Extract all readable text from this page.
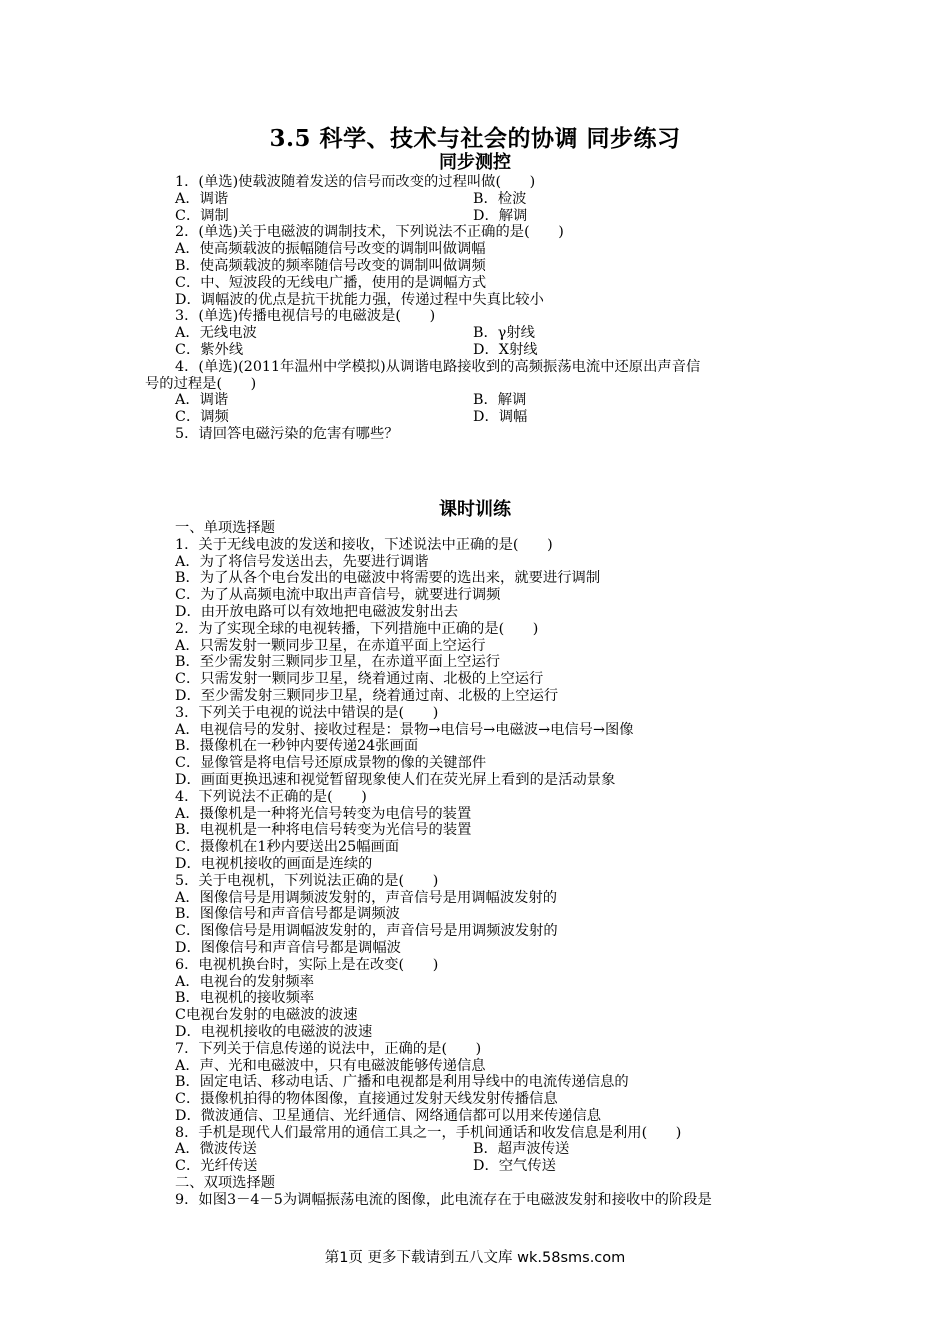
3.5 科学、技术与社会的协调 同步练习
同步测控
1．(单选)使载波随着发送的信号而改变的过程叫做(　　)
A．调谐	B．检波
C．调制	D．解调
2．(单选)关于电磁波的调制技术，下列说法不正确的是(　　)
A．使高频载波的振幅随信号改变的调制叫做调幅
B．使高频载波的频率随信号改变的调制叫做调频
C．中、短波段的无线电广播，使用的是调幅方式
D．调幅波的优点是抗干扰能力强，传递过程中失真比较小
3．(单选)传播电视信号的电磁波是(　　)
A．无线电波	B．γ射线
C．紫外线	D．X射线
4．(单选)(2011年温州中学模拟)从调谐电路接收到的高频振荡电流中还原出声音信
号的过程是(　　)
A．调谐	B．解调
C．调频	D．调幅
5．请回答电磁污染的危害有哪些？
课时训练
一、单项选择题
1．关于无线电波的发送和接收，下述说法中正确的是(　　)
A．为了将信号发送出去，先要进行调谐
B．为了从各个电台发出的电磁波中将需要的选出来，就要进行调制
C．为了从高频电流中取出声音信号，就要进行调频
D．由开放电路可以有效地把电磁波发射出去
2．为了实现全球的电视转播，下列措施中正确的是(　　)
A．只需发射一颗同步卫星，在赤道平面上空运行
B．至少需发射三颗同步卫星，在赤道平面上空运行
C．只需发射一颗同步卫星，绕着通过南、北极的上空运行
D．至少需发射三颗同步卫星，绕着通过南、北极的上空运行
3．下列关于电视的说法中错误的是(　　)
A．电视信号的发射、接收过程是：景物→电信号→电磁波→电信号→图像
B．摄像机在一秒钟内要传递24张画面
C．显像管是将电信号还原成景物的像的关键部件
D．画面更换迅速和视觉暂留现象使人们在荧光屏上看到的是活动景象
4．下列说法不正确的是(　　)
A．摄像机是一种将光信号转变为电信号的装置
B．电视机是一种将电信号转变为光信号的装置
C．摄像机在1秒内要送出25幅画面
D．电视机接收的画面是连续的
5．关于电视机，下列说法正确的是(　　)
A．图像信号是用调频波发射的，声音信号是用调幅波发射的
B．图像信号和声音信号都是调频波
C．图像信号是用调幅波发射的，声音信号是用调频波发射的
D．图像信号和声音信号都是调幅波
6．电视机换台时，实际上是在改变(　　)
A．电视台的发射频率
B．电视机的接收频率
C电视台发射的电磁波的波速
D．电视机接收的电磁波的波速
7．下列关于信息传递的说法中，正确的是(　　)
A．声、光和电磁波中，只有电磁波能够传递信息
B．固定电话、移动电话、广播和电视都是利用导线中的电流传递信息的
C．摄像机拍得的物体图像，直接通过发射天线发射传播信息
D．微波通信、卫星通信、光纤通信、网络通信都可以用来传递信息
8．手机是现代人们最常用的通信工具之一，手机间通话和收发信息是利用(　　)
A．微波传送	B．超声波传送
C．光纤传送	D．空气传送
二、双项选择题
9．如图3－4－5为调幅振荡电流的图像，此电流存在于电磁波发射和接收中的阶段是
第1页 更多下载请到五八文库 wk.58sms.com
